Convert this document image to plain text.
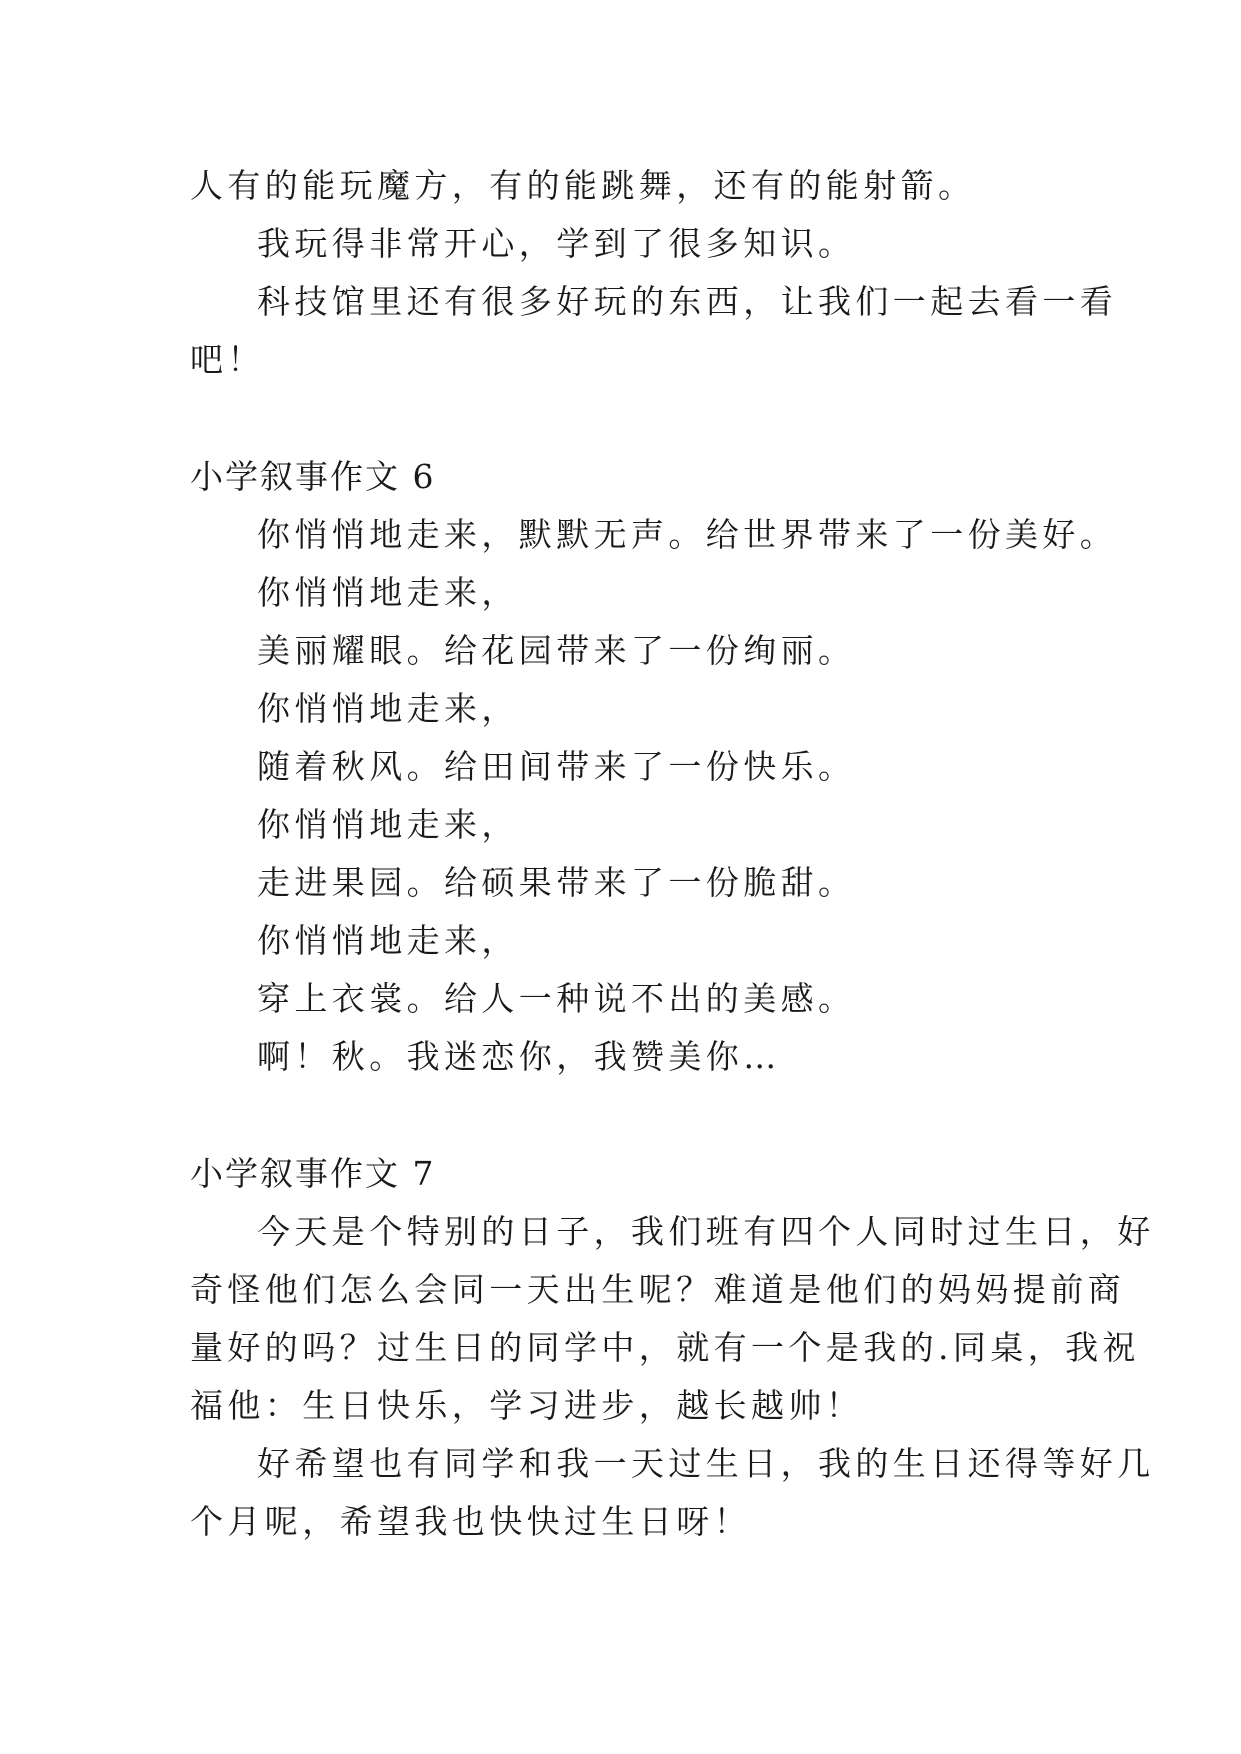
人有的能玩魔方，有的能跳舞，还有的能射箭。

我玩得非常开心，学到了很多知识。

科技馆里还有很多好玩的东西，让我们一起去看一看

吧！

小学叙事作文 6

你悄悄地走来，默默无声。给世界带来了一份美好。

你悄悄地走来，

美丽耀眼。给花园带来了一份绚丽。

你悄悄地走来，

随着秋风。给田间带来了一份快乐。

你悄悄地走来，

走进果园。给硕果带来了一份脆甜。

你悄悄地走来，

穿上衣裳。给人一种说不出的美感。

啊！秋。我迷恋你，我赞美你…

小学叙事作文 7

今天是个特别的日子，我们班有四个人同时过生日，好

奇怪他们怎么会同一天出生呢？难道是他们的妈妈提前商

量好的吗？过生日的同学中，就有一个是我的.同桌，我祝

福他：生日快乐，学习进步，越长越帅！

好希望也有同学和我一天过生日，我的生日还得等好几

个月呢，希望我也快快过生日呀！
